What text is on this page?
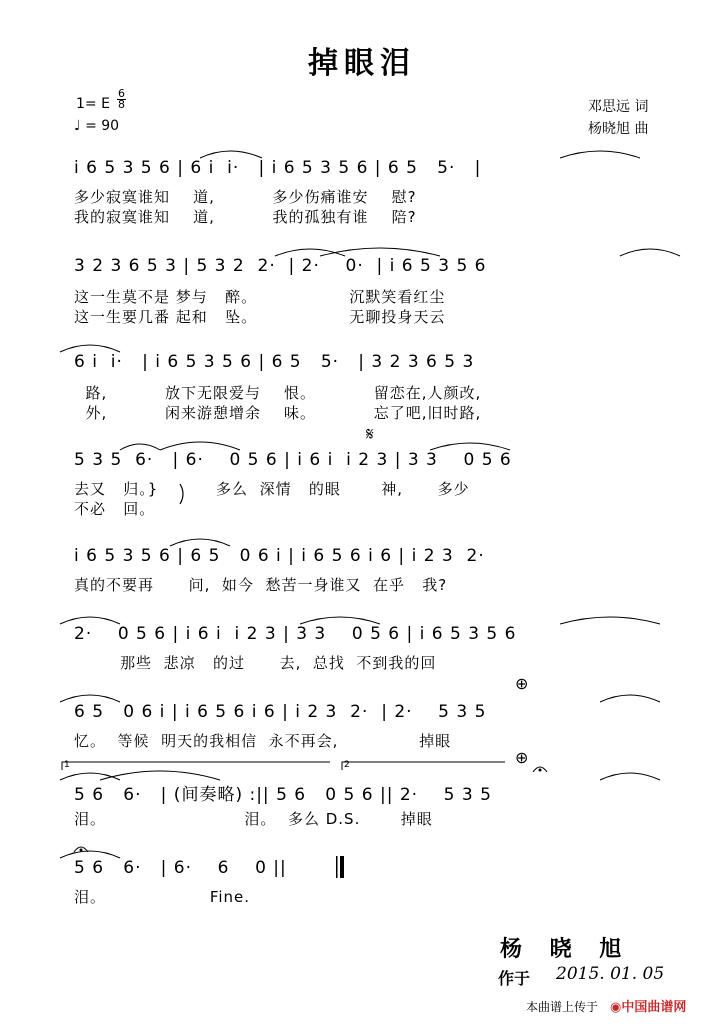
掉眼泪
1= E
6
8
♩ = 90
邓思远 词
杨晓旭 曲
i 6 5 3 5 6 | 6 i  i·   | i 6 5 3 5 6 | 6 5   5·   |
多少寂寞谁知    道,          多少伤痛谁安    慰?
我的寂寞谁知    道,          我的孤独有谁    陪?
3 2 3 6 5 3 | 5 3 2  2·  | 2·    0·  | i 6 5 3 5 6
这一生莫不是 梦与   醉。                沉默笑看红尘
这一生要几番 起和   坠。                无聊投身天云
6 i  i·   | i 6 5 3 5 6 | 6 5   5·   | 3 2 3 6 5 3
路,          放下无限爱与    恨。          留恋在,人颜改,
外,          闲来游憩增余    味。          忘了吧,旧时路,
5 3 5  6·   | 6·    0 5 6 | i 6 i  i 2 3 | 3 3    0 5 6
去又   归。}          多么  深情   的眼       神,      多少
不必   回。
i 6 5 3 5 6 | 6 5   0 6 i | i 6 5 6 i 6 | i 2 3  2·
真的不要再      问,  如今  愁苦一身谁又  在乎   我?
2·    0 5 6 | i 6 i  i 2 3 | 3 3    0 5 6 | i 6 5 3 5 6
那些  悲凉   的过      去,  总找  不到我的回
6 5   0 6 i | i 6 5 6 i 6 | i 2 3  2·  | 2·    5 3 5
忆。  等候  明天的我相信  永不再会,              掉眼
5 6   6·   | (间奏略) :|| 5 6   0 5 6 || 2·    5 3 5
泪。                        泪。  多么 D.S.       掉眼
5 6   6·   | 6·    6    0 ||
泪。                  Fine.
𝄋
⊕
⊕
1	2
杨 晓 旭
作于 2015. 01. 05
本曲谱上传于 ◉中国曲谱网
